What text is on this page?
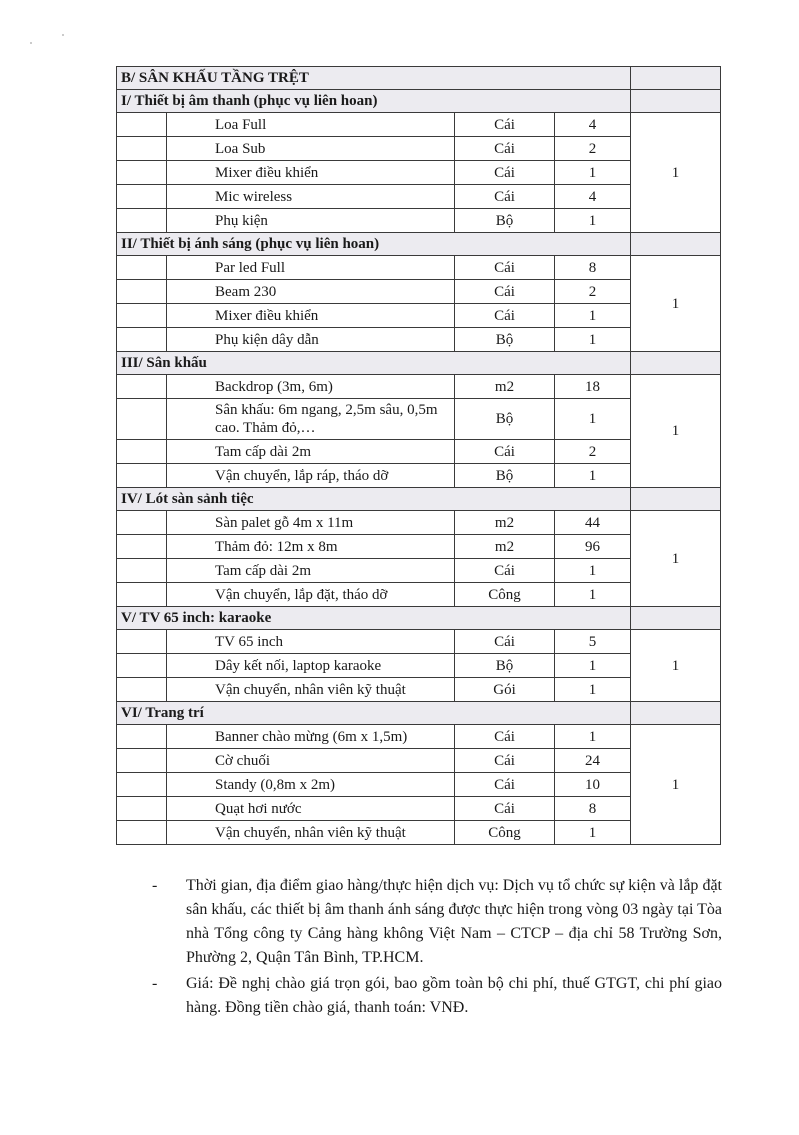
B/ SÂN KHẤU TẦNG TRỆT				
I/ Thiết bị âm thanh (phục vụ liên hoan)				
	Loa Full	Cái	4	1
	Loa Sub	Cái	2	
	Mixer điều khiển	Cái	1	
	Mic wireless	Cái	4	
	Phụ kiện	Bộ	1	
II/ Thiết bị ánh sáng (phục vụ liên hoan)				
	Par led Full	Cái	8	1
	Beam 230	Cái	2	
	Mixer điều khiển	Cái	1	
	Phụ kiện dây dẫn	Bộ	1	
III/ Sân khấu				
	Backdrop (3m, 6m)	m2	18	1
	Sân khấu: 6m ngang, 2,5m sâu, 0,5m cao. Thảm đỏ,…	Bộ	1	
	Tam cấp dài 2m	Cái	2	
	Vận chuyển, lắp ráp, tháo dỡ	Bộ	1	
IV/ Lót sàn sảnh tiệc				
	Sàn palet gỗ 4m x 11m	m2	44	1
	Thảm đỏ: 12m x 8m	m2	96	
	Tam cấp dài 2m	Cái	1	
	Vận chuyển, lắp đặt, tháo dỡ	Công	1	
V/ TV 65 inch: karaoke				
	TV 65 inch	Cái	5	1
	Dây kết nối, laptop karaoke	Bộ	1	
	Vận chuyển, nhân viên kỹ thuật	Gói	1	
VI/ Trang trí				
	Banner chào mừng (6m x 1,5m)	Cái	1	1
	Cờ chuối	Cái	24	
	Standy (0,8m x 2m)	Cái	10	
	Quạt hơi nước	Cái	8	
	Vận chuyển, nhân viên kỹ thuật	Công	1	
- Thời gian, địa điểm giao hàng/thực hiện dịch vụ: Dịch vụ tổ chức sự kiện và lắp đặt sân khấu, các thiết bị âm thanh ánh sáng được thực hiện trong vòng 03 ngày tại Tòa nhà Tổng công ty Cảng hàng không Việt Nam – CTCP – địa chỉ 58 Trường Sơn, Phường 2, Quận Tân Bình, TP.HCM.
- Giá: Đề nghị chào giá trọn gói, bao gồm toàn bộ chi phí, thuế GTGT, chi phí giao hàng. Đồng tiền chào giá, thanh toán: VNĐ.
